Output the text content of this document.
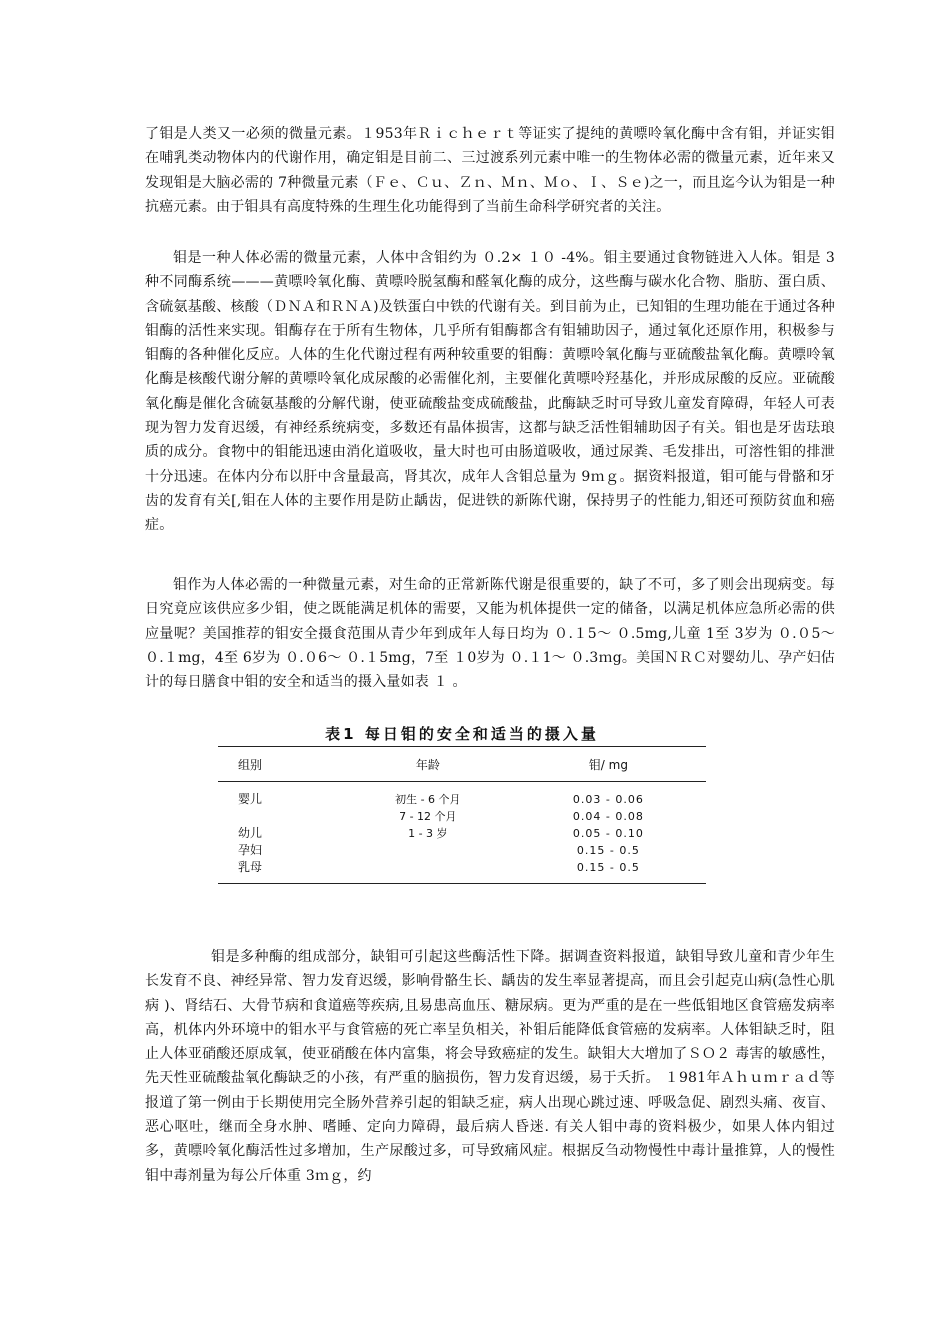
了钼是人类又一必须的微量元素。１953年Ｒｉｃｈｅｒｔ等证实了提纯的黄嘌呤氧化酶中含有钼，并证实钼在哺乳类动物体内的代谢作用，确定钼是目前二、三过渡系列元素中唯一的生物体必需的微量元素，近年来又发现钼是大脑必需的 7种微量元素（Ｆｅ、Ｃｕ、Ｚｎ、Ｍｎ、Ｍｏ、Ｉ、Ｓｅ)之一，而且迄今认为钼是一种抗癌元素。由于钼具有高度特殊的生理生化功能得到了当前生命科学研究者的关注。

钼是一种人体必需的微量元素，人体中含钼约为 ０.2× １０ -4%。钼主要通过食物链进入人体。钼是 3种不同酶系统———黄嘌呤氧化酶、黄嘌呤脱氢酶和醛氧化酶的成分，这些酶与碳水化合物、脂肪、蛋白质、含硫氨基酸、核酸（ＤＮＡ和ＲＮＡ)及铁蛋白中铁的代谢有关。到目前为止，已知钼的生理功能在于通过各种钼酶的活性来实现。钼酶存在于所有生物体，几乎所有钼酶都含有钼辅助因子，通过氧化还原作用，积极参与钼酶的各种催化反应。人体的生化代谢过程有两种较重要的钼酶：黄嘌呤氧化酶与亚硫酸盐氧化酶。黄嘌呤氧化酶是核酸代谢分解的黄嘌呤氧化成尿酸的必需催化剂，主要催化黄嘌呤羟基化，并形成尿酸的反应。亚硫酸氧化酶是催化含硫氨基酸的分解代谢，使亚硫酸盐变成硫酸盐，此酶缺乏时可导致儿童发育障碍，年轻人可表现为智力发育迟缓，有神经系统病变，多数还有晶体损害，这都与缺乏活性钼辅助因子有关。钼也是牙齿珐琅质的成分。食物中的钼能迅速由消化道吸收，量大时也可由肠道吸收，通过尿粪、毛发排出，可溶性钼的排泄十分迅速。在体内分布以肝中含量最高，肾其次，成年人含钼总量为 9ｍｇ。据资料报道，钼可能与骨骼和牙齿的发育有关[,钼在人体的主要作用是防止龋齿，促进铁的新陈代谢，保持男子的性能力,钼还可预防贫血和癌症。

钼作为人体必需的一种微量元素，对生命的正常新陈代谢是很重要的，缺了不可，多了则会出现病变。每日究竟应该供应多少钼，使之既能满足机体的需要，又能为机体提供一定的储备，以满足机体应急所必需的供应量呢？美国推荐的钼安全摄食范围从青少年到成年人每日均为 ０.１5～ ０.5mg,儿童 1至 3岁为 ０.０5～ ０.１mg，4至 6岁为 ０.０6～ ０.１5mg，7至 １0岁为 ０.１1～ ０.3ｍg。美国ＮＲＣ对婴幼儿、孕产妇估计的每日膳食中钼的安全和适当的摄入量如表 １ 。

表1 每日钼的安全和适当的摄入量
组别	年龄	钼/ mg
婴儿	初生 - 6 个月	0.03 - 0.06
	7 - 12 个月	0.04 - 0.08
幼儿	1 - 3 岁	0.05 - 0.10
孕妇		0.15 - 0.5
乳母		0.15 - 0.5

钼是多种酶的组成部分，缺钼可引起这些酶活性下降。据调查资料报道，缺钼导致儿童和青少年生长发育不良、神经异常、智力发育迟缓，影响骨骼生长、龋齿的发生率显著提高，而且会引起克山病(急性心肌病 )、肾结石、大骨节病和食道癌等疾病,且易患高血压、糖尿病。更为严重的是在一些低钼地区食管癌发病率高，机体内外环境中的钼水平与食管癌的死亡率呈负相关，补钼后能降低食管癌的发病率。人体钼缺乏时，阻止人体亚硝酸还原成氧，使亚硝酸在体内富集，将会导致癌症的发生。缺钼大大增加了ＳＯ２ 毒害的敏感性，先天性亚硫酸盐氧化酶缺乏的小孩，有严重的脑损伤，智力发育迟缓，易于夭折。 １981年Ａｈｕｍｒａｄ等报道了第一例由于长期使用完全肠外营养引起的钼缺乏症，病人出现心跳过速、呼吸急促、剧烈头痛、夜盲、恶心呕吐，继而全身水肿、嗜睡、定向力障碍，最后病人昏迷. 有关人钼中毒的资料极少，如果人体内钼过多，黄嘌呤氧化酶活性过多增加，生产尿酸过多，可导致痛风症。根据反刍动物慢性中毒计量推算，人的慢性钼中毒剂量为每公斤体重 3ｍｇ，约
